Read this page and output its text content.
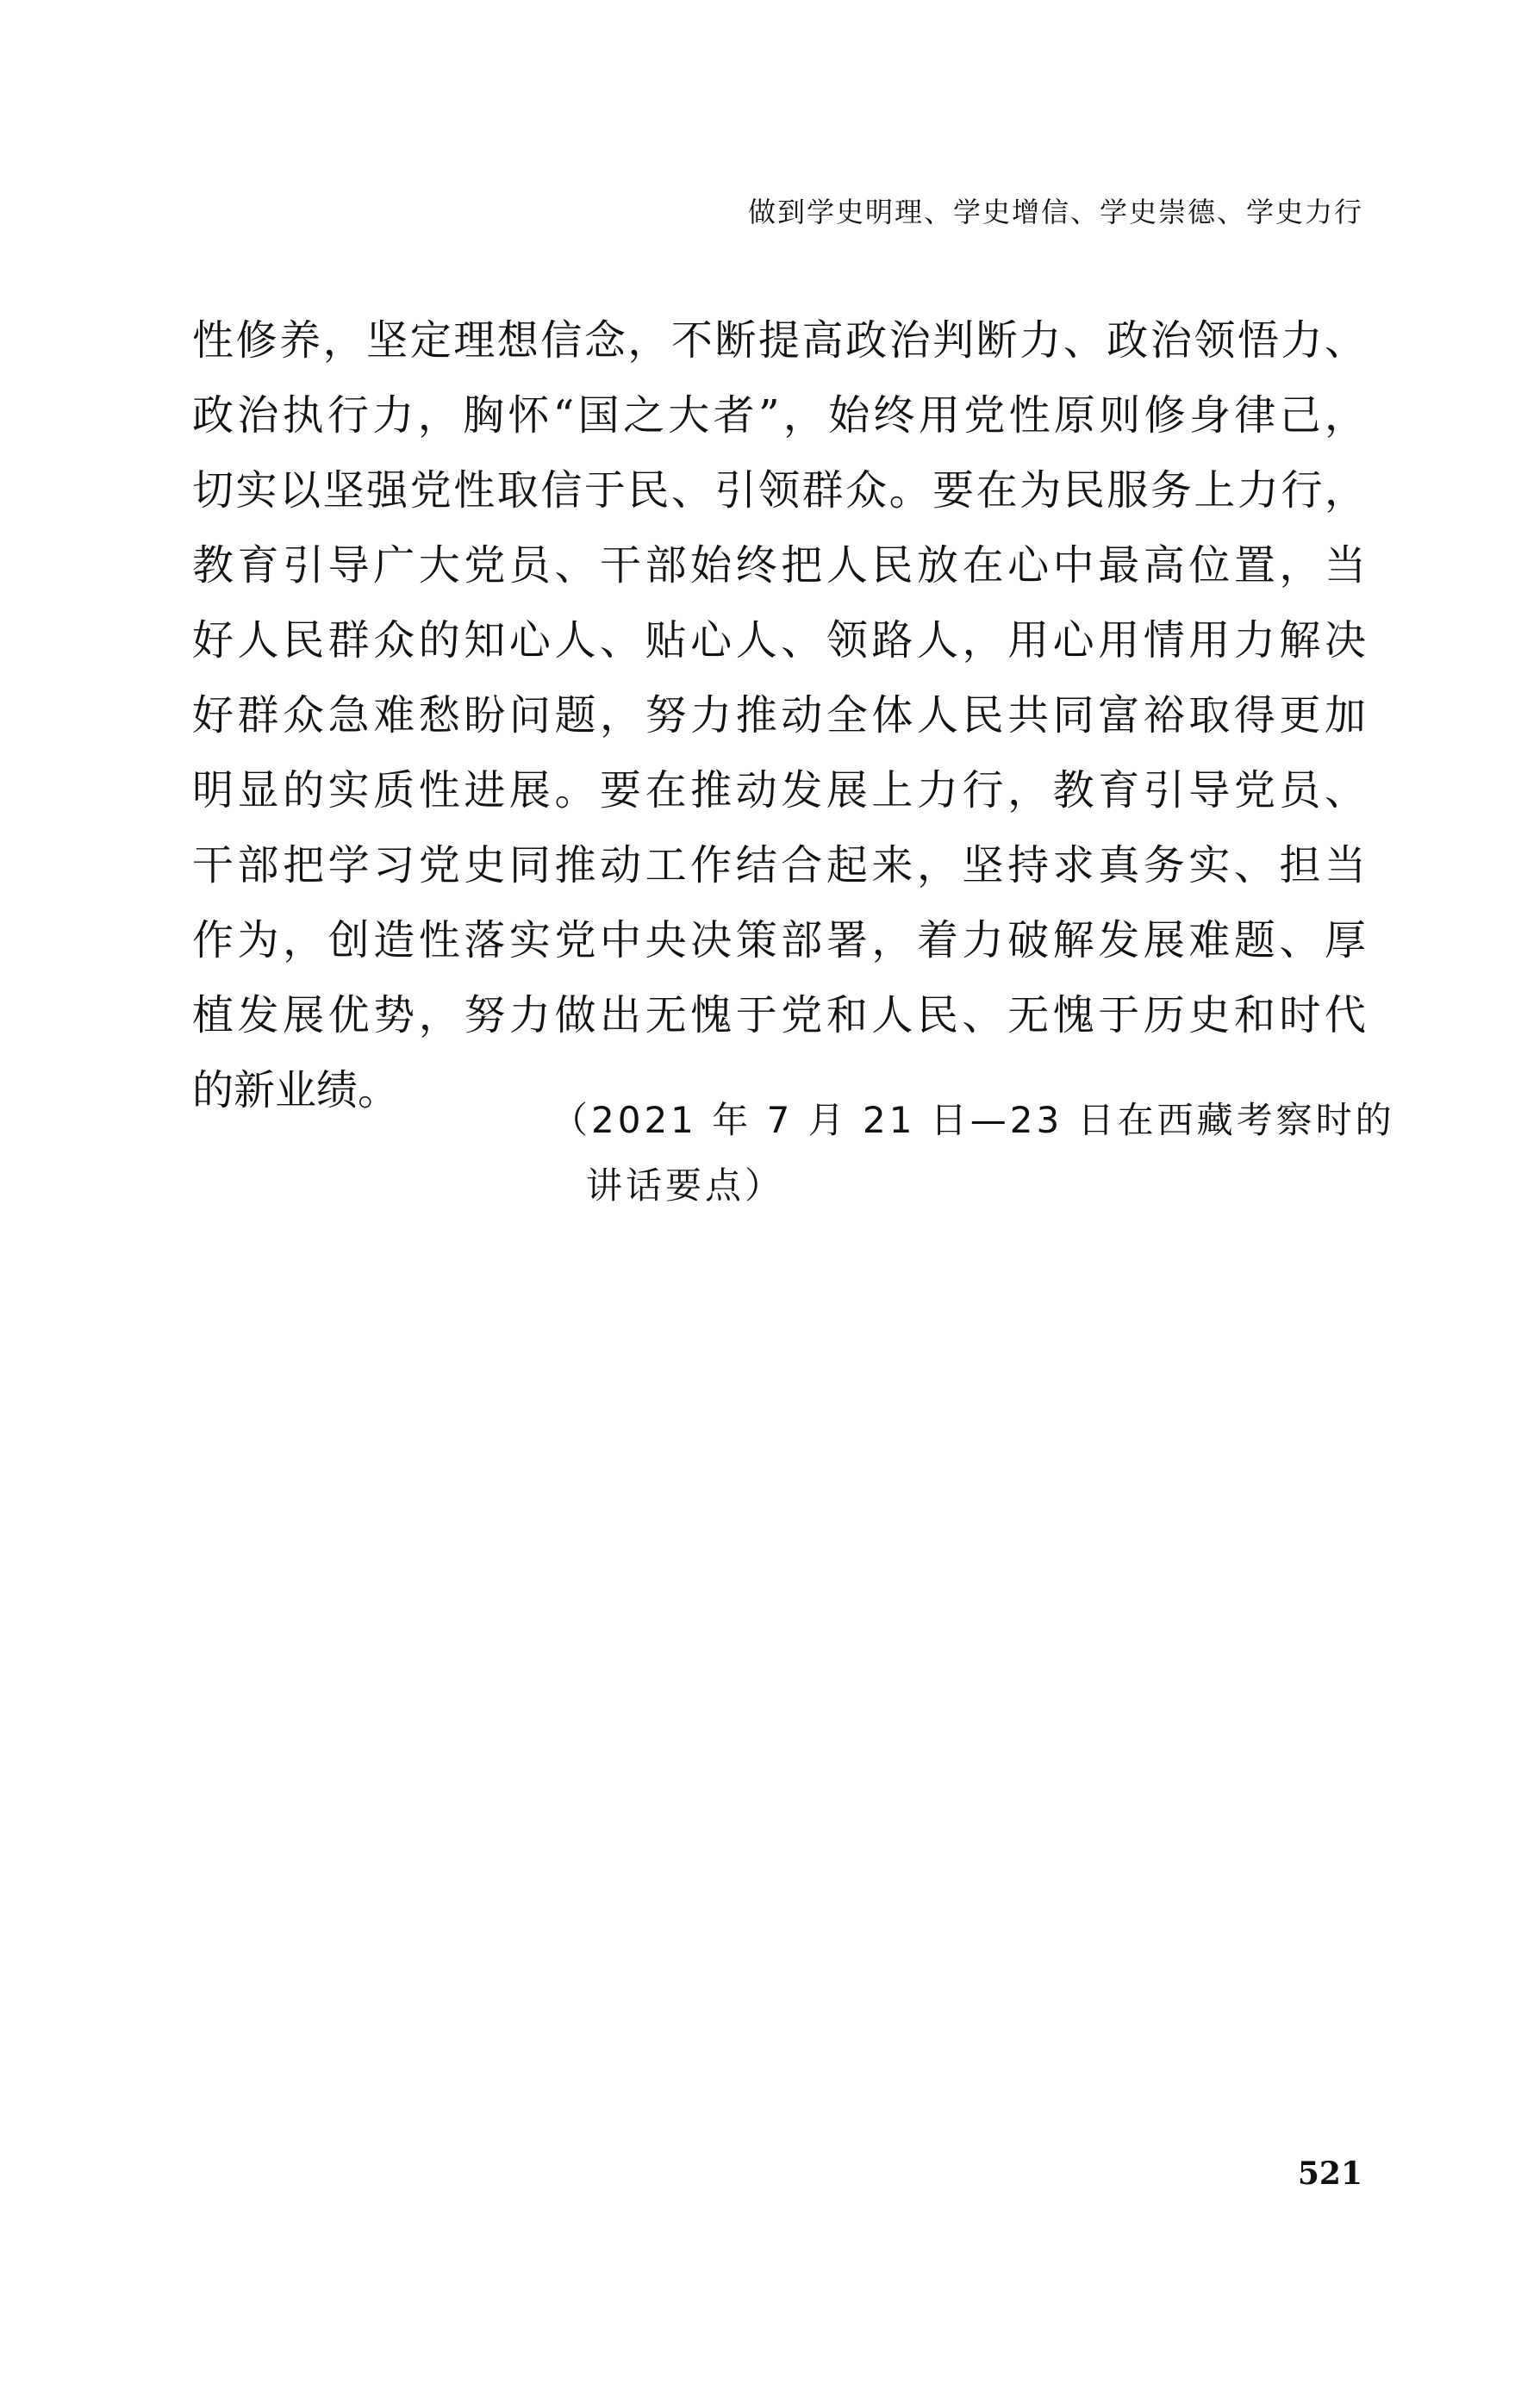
做到学史明理、学史增信、学史崇德、学史力行
性修养，坚定理想信念，不断提高政治判断力、政治领悟力、
政治执行力，胸怀“国之大者”，始终用党性原则修身律己，
切实以坚强党性取信于民、引领群众。要在为民服务上力行，
教育引导广大党员、干部始终把人民放在心中最高位置，当
好人民群众的知心人、贴心人、领路人，用心用情用力解决
好群众急难愁盼问题，努力推动全体人民共同富裕取得更加
明显的实质性进展。要在推动发展上力行，教育引导党员、
干部把学习党史同推动工作结合起来，坚持求真务实、担当
作为，创造性落实党中央决策部署，着力破解发展难题、厚
植发展优势，努力做出无愧于党和人民、无愧于历史和时代
的新业绩。
（2021 年 7 月 21 日—23 日在西藏考察时的
讲话要点）
521
